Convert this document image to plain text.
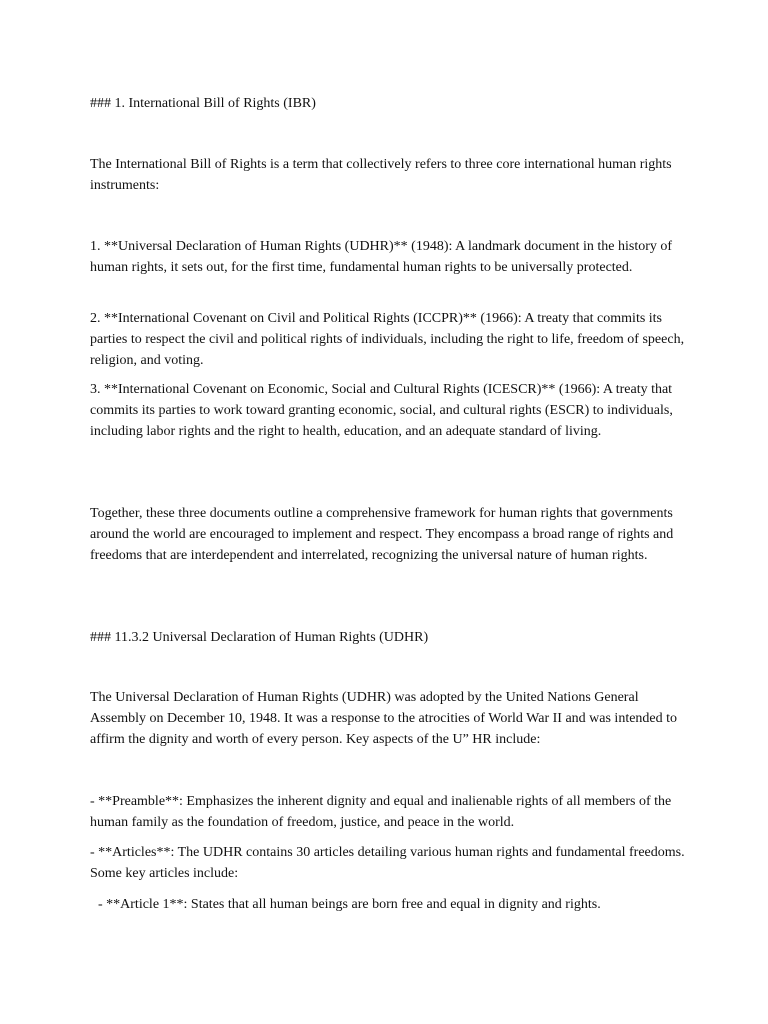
### 1. International Bill of Rights (IBR)

The International Bill of Rights is a term that collectively refers to three core international human rights instruments:

1. **Universal Declaration of Human Rights (UDHR)** (1948): A landmark document in the history of human rights, it sets out, for the first time, fundamental human rights to be universally protected.

2. **International Covenant on Civil and Political Rights (ICCPR)** (1966): A treaty that commits its parties to respect the civil and political rights of individuals, including the right to life, freedom of speech, religion, and voting.

3. **International Covenant on Economic, Social and Cultural Rights (ICESCR)** (1966): A treaty that commits its parties to work toward granting economic, social, and cultural rights (ESCR) to individuals, including labor rights and the right to health, education, and an adequate standard of living.

Together, these three documents outline a comprehensive framework for human rights that governments around the world are encouraged to implement and respect. They encompass a broad range of rights and freedoms that are interdependent and interrelated, recognizing the universal nature of human rights.

### 11.3.2 Universal Declaration of Human Rights (UDHR)

The Universal Declaration of Human Rights (UDHR) was adopted by the United Nations General Assembly on December 10, 1948. It was a response to the atrocities of World War II and was intended to affirm the dignity and worth of every person. Key aspects of the U” HR include:

- **Preamble**: Emphasizes the inherent dignity and equal and inalienable rights of all members of the human family as the foundation of freedom, justice, and peace in the world.

- **Articles**: The UDHR contains 30 articles detailing various human rights and fundamental freedoms. Some key articles include:

- **Article 1**: States that all human beings are born free and equal in dignity and rights.
